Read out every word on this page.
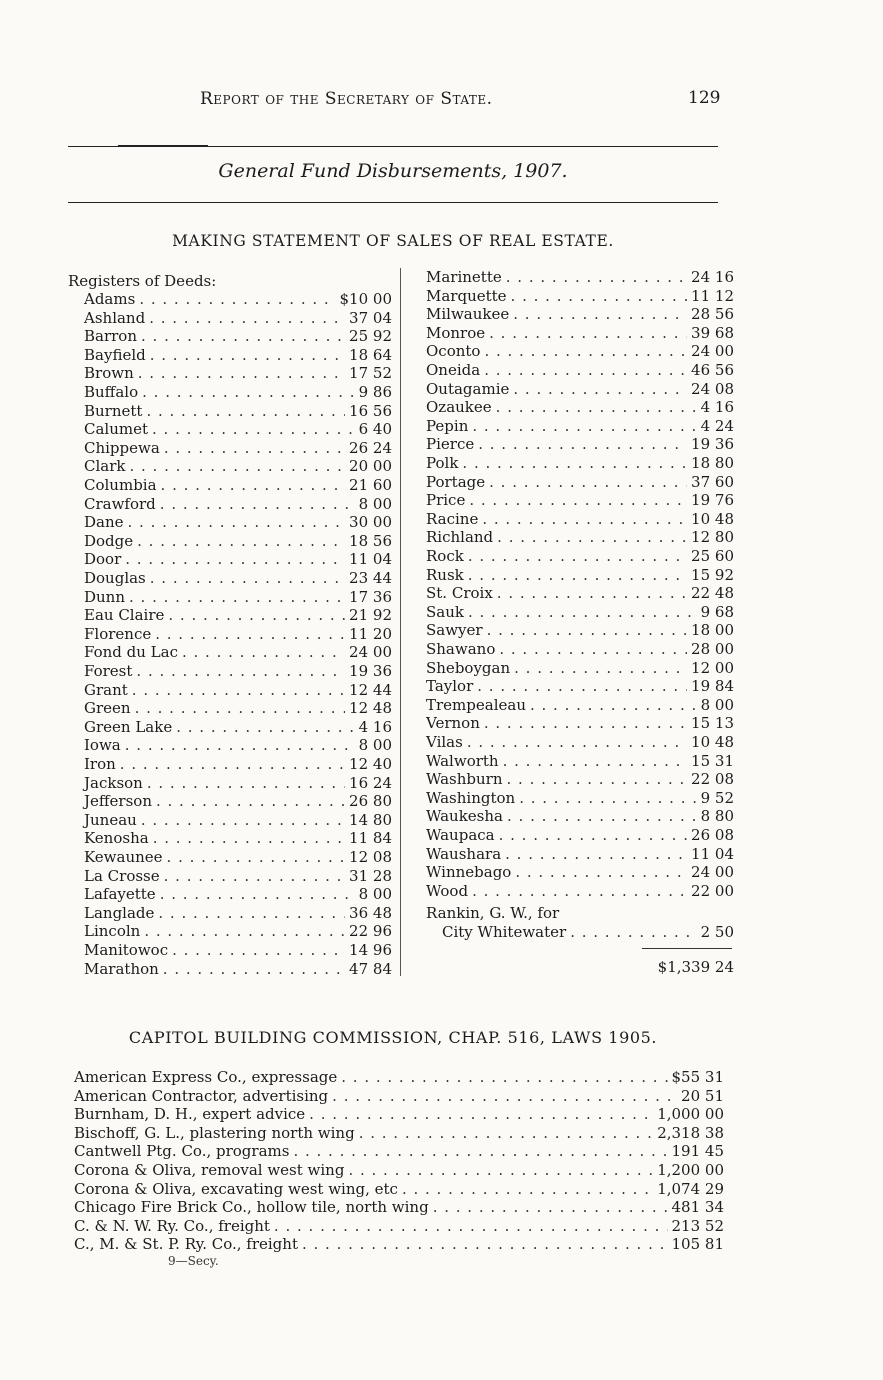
Report of the Secretary of State.	129
General Fund Disbursements, 1907.
MAKING STATEMENT OF SALES OF REAL ESTATE.
Registers of Deeds:
Adams . . .	$10 00
Ashland . . .	37 04
Barron . . .	25 92
Bayfield . . .	18 64
Brown . . .	17 52
Buffalo . . .	9 86
Burnett . . .	16 56
Calumet . . .	6 40
Chippewa . . .	26 24
Clark . . .	20 00
Columbia . . .	21 60
Crawford . . .	8 00
Dane . . .	30 00
Dodge . . .	18 56
Door . . .	11 04
Douglas . . .	23 44
Dunn . . .	17 36
Eau Claire . . .	21 92
Florence . . .	11 20
Fond du Lac . . .	24 00
Forest . . .	19 36
Grant . . .	12 44
Green . . .	12 48
Green Lake . . .	4 16
Iowa . . .	8 00
Iron . . .	12 40
Jackson . . .	16 24
Jefferson . . .	26 80
Juneau . . .	14 80
Kenosha . . .	11 84
Kewaunee . . .	12 08
La Crosse . . .	31 28
Lafayette . . .	8 00
Langlade . . .	36 48
Lincoln . . .	22 96
Manitowoc . . .	14 96
Marathon . . .	47 84
Marinette . . .	24 16
Marquette . . .	11 12
Milwaukee . . .	28 56
Monroe . . .	39 68
Oconto . . .	24 00
Oneida . . .	46 56
Outagamie . . .	24 08
Ozaukee . . .	4 16
Pepin . . .	4 24
Pierce . . .	19 36
Polk . . .	18 80
Portage . . .	37 60
Price . . .	19 76
Racine . . .	10 48
Richland . . .	12 80
Rock . . .	25 60
Rusk . . .	15 92
St. Croix . . .	22 48
Sauk . . .	9 68
Sawyer . . .	18 00
Shawano . . .	28 00
Sheboygan . . .	12 00
Taylor . . .	19 84
Trempealeau . . .	8 00
Vernon . . .	15 13
Vilas . . .	10 48
Walworth . . .	15 31
Washburn . . .	22 08
Washington . . .	9 52
Waukesha . . .	8 80
Waupaca . . .	26 08
Waushara . . .	11 04
Winnebago . . .	24 00
Wood . . .	22 00
Rankin, G. W., for
City Whitewater . . .	2 50
$1,339 24
CAPITOL BUILDING COMMISSION, CHAP. 516, LAWS 1905.
American Express Co., expressage . . .	$55 31
American Contractor, advertising . . .	20 51
Burnham, D. H., expert advice . . .	1,000 00
Bischoff, G. L., plastering north wing . . .	2,318 38
Cantwell Ptg. Co., programs . . .	191 45
Corona & Oliva, removal west wing . . .	1,200 00
Corona & Oliva, excavating west wing, etc . . .	1,074 29
Chicago Fire Brick Co., hollow tile, north wing . . .	481 34
C. & N. W. Ry. Co., freight . . .	213 52
C., M. & St. P. Ry. Co., freight . . .	105 81
9—Secy.
